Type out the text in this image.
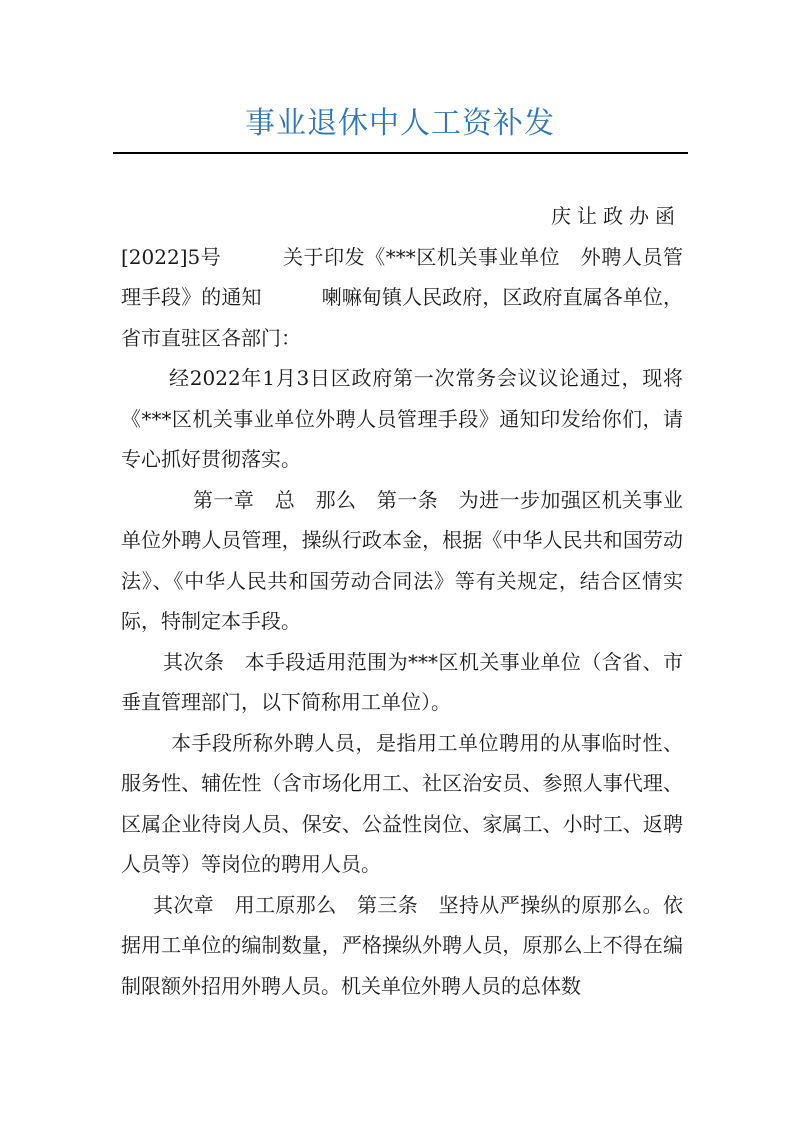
事业退休中人工资补发

庆让政办函

[2022]5号　　　关于印发《***区机关事业单位　外聘人员管理手段》的通知　　　喇嘛甸镇人民政府，区政府直属各单位，省市直驻区各部门：

经2022年1月3日区政府第一次常务会议议论通过，现将《***区机关事业单位外聘人员管理手段》通知印发给你们，请专心抓好贯彻落实。

第一章　总　那么　第一条　为进一步加强区机关事业单位外聘人员管理，操纵行政本金，根据《中华人民共和国劳动法》、《中华人民共和国劳动合同法》等有关规定，结合区情实际，特制定本手段。

其次条　本手段适用范围为***区机关事业单位（含省、市垂直管理部门，以下简称用工单位）。

本手段所称外聘人员，是指用工单位聘用的从事临时性、服务性、辅佐性（含市场化用工、社区治安员、参照人事代理、区属企业待岗人员、保安、公益性岗位、家属工、小时工、返聘人员等）等岗位的聘用人员。

其次章　用工原那么　第三条　坚持从严操纵的原那么。依据用工单位的编制数量，严格操纵外聘人员，原那么上不得在编制限额外招用外聘人员。机关单位外聘人员的总体数
